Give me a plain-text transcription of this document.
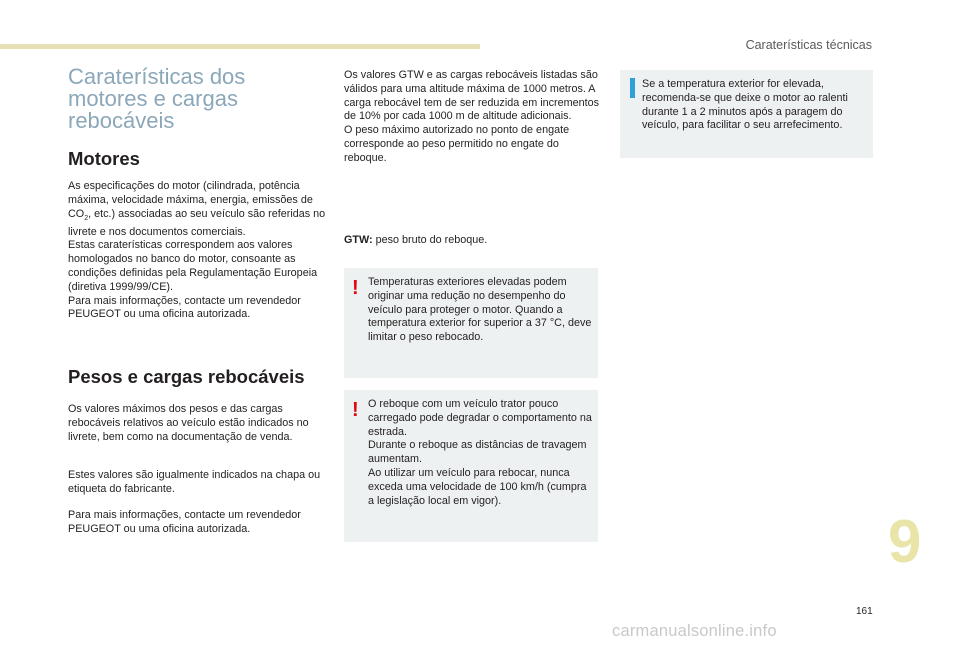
Caraterísticas técnicas
Caraterísticas dos motores e cargas rebocáveis
Motores
As especificações do motor (cilindrada, potência máxima, velocidade máxima, energia, emissões de $CO_2$, etc.) associadas ao seu veículo são referidas no livrete e nos documentos comerciais.
Estas caraterísticas correspondem aos valores homologados no banco do motor, consoante as condições definidas pela Regulamentação Europeia (diretiva 1999/99/CE).
Para mais informações, contacte um revendedor PEUGEOT ou uma oficina autorizada.
Pesos e cargas rebocáveis

Os valores máximos dos pesos e das cargas rebocáveis relativos ao veículo estão indicados no livrete, bem como na documentação de venda.

Estes valores são igualmente indicados na chapa ou etiqueta do fabricante.

Para mais informações, contacte um revendedor PEUGEOT ou uma oficina autorizada.

Os valores GTW e as cargas rebocáveis listadas são válidos para uma altitude máxima de 1000 metros. A carga rebocável tem de ser reduzida em incrementos de 10% por cada 1000 m de altitude adicionais.
O peso máximo autorizado no ponto de engate corresponde ao peso permitido no engate do reboque.

GTW: peso bruto do reboque.

! Temperaturas exteriores elevadas podem originar uma redução no desempenho do veículo para proteger o motor. Quando a temperatura exterior for superior a 37 °C, deve limitar o peso rebocado.

! O reboque com um veículo trator pouco carregado pode degradar o comportamento na estrada.

Durante o reboque as distâncias de travagem aumentam.

Ao utilizar um veículo para rebocar, nunca exceda uma velocidade de 100 km/h (cumpra a legislação local em vigor).

Se a temperatura exterior for elevada, recomenda-se que deixe o motor ao ralenti durante 1 a 2 minutos após a paragem do veículo, para facilitar o seu arrefecimento.

9
161
carmanualsonline.info
